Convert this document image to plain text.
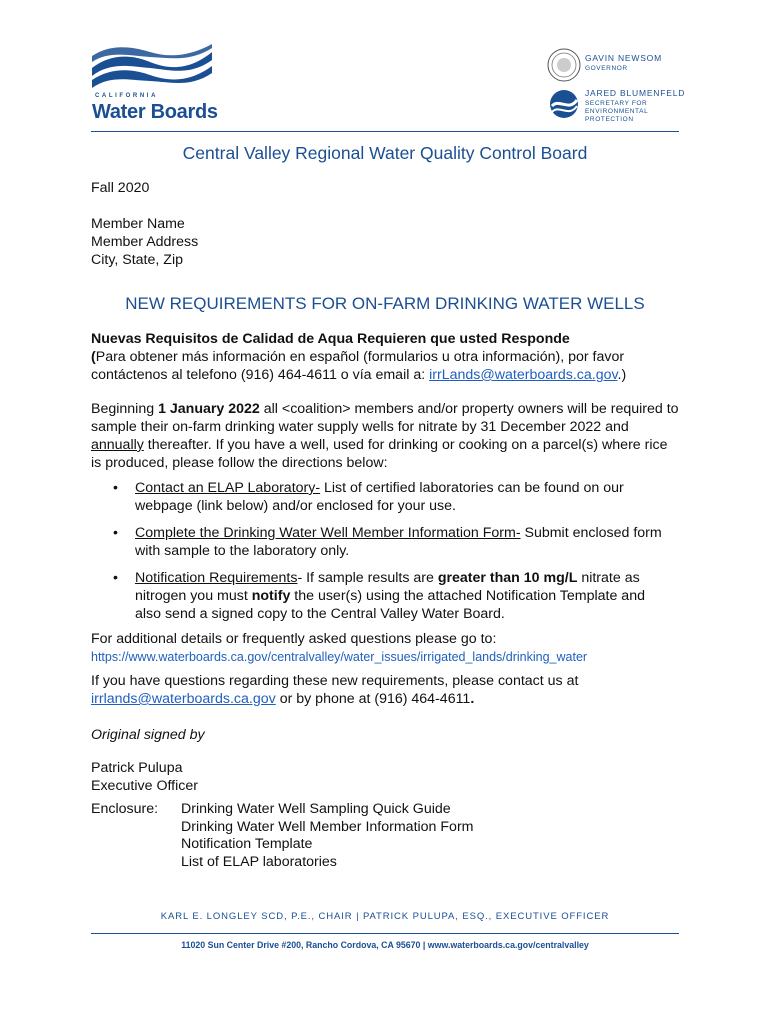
CALIFORNIA
Water Boards
GAVIN NEWSOM
GOVERNOR
JARED BLUMENFELD
SECRETARY FOR ENVIRONMENTAL PROTECTION
Central Valley Regional Water Quality Control Board
Fall 2020
Member Name
Member Address
City, State, Zip
NEW REQUIREMENTS FOR ON-FARM DRINKING WATER WELLS
Nuevas Requisitos de Calidad de Aqua Requieren que usted Responde
(Para obtener más información en español (formularios u otra información), por favor contáctenos al telefono (916) 464-4611 o vía email a: irrLands@waterboards.ca.gov.)
Beginning 1 January 2022 all <coalition> members and/or property owners will be required to sample their on-farm drinking water supply wells for nitrate by 31 December 2022 and annually thereafter. If you have a well, used for drinking or cooking on a parcel(s) where rice is produced, please follow the directions below:
• Contact an ELAP Laboratory- List of certified laboratories can be found on our webpage (link below) and/or enclosed for your use.
• Complete the Drinking Water Well Member Information Form- Submit enclosed form with sample to the laboratory only.
• Notification Requirements- If sample results are greater than 10 mg/L nitrate as nitrogen you must notify the user(s) using the attached Notification Template and also send a signed copy to the Central Valley Water Board.
For additional details or frequently asked questions please go to:
https://www.waterboards.ca.gov/centralvalley/water_issues/irrigated_lands/drinking_water
If you have questions regarding these new requirements, please contact us at
irrlands@waterboards.ca.gov or by phone at (916) 464-4611.
Original signed by
Patrick Pulupa
Executive Officer
Enclosure: Drinking Water Well Sampling Quick Guide
Drinking Water Well Member Information Form
Notification Template
List of ELAP laboratories
KARL E. LONGLEY SCD, P.E., CHAIR | PATRICK PULUPA, ESQ., EXECUTIVE OFFICER
11020 Sun Center Drive #200, Rancho Cordova, CA 95670 | www.waterboards.ca.gov/centralvalley
